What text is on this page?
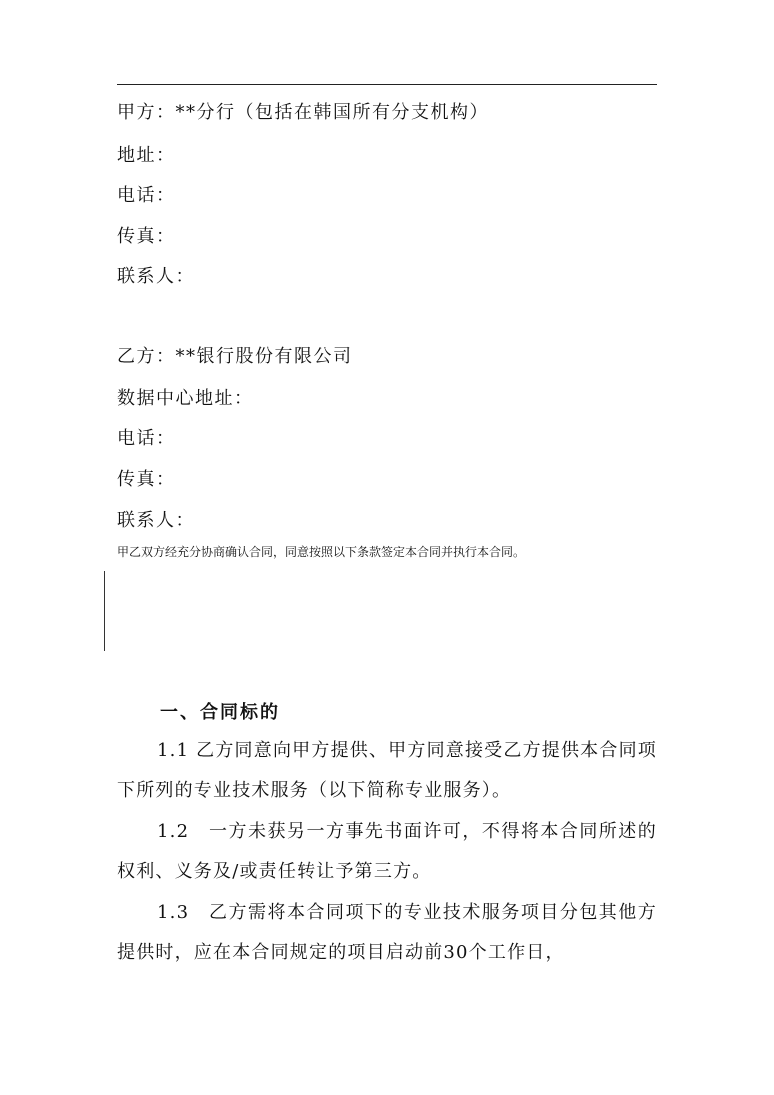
甲方：**分行（包括在韩国所有分支机构）
地址：
电话：
传真：
联系人：
乙方：**银行股份有限公司
数据中心地址：
电话：
传真：
联系人：
甲乙双方经充分协商确认合同，同意按照以下条款签定本合同并执行本合同。
一、合同标的
1.1 乙方同意向甲方提供、甲方同意接受乙方提供本合同项下所列的专业技术服务（以下简称专业服务）。
1.2　一方未获另一方事先书面许可，不得将本合同所述的权利、义务及/或责任转让予第三方。
1.3　乙方需将本合同项下的专业技术服务项目分包其他方提供时，应在本合同规定的项目启动前30个工作日，
